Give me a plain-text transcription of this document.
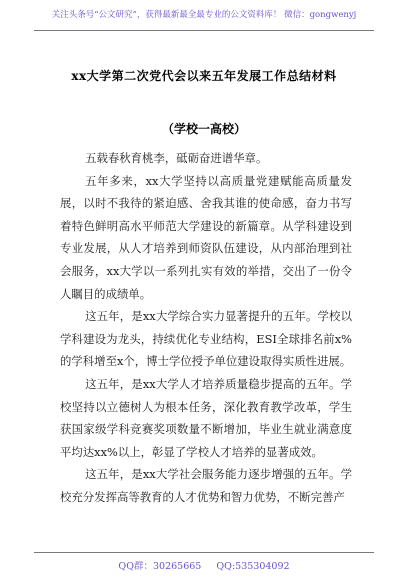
关注头条号“公文研究”，获得最新最全最专业的公文资料库！ 微信：gongwenyj
xx大学第二次党代会以来五年发展工作总结材料
（学校一高校）

五载春秋育桃李，砥砺奋进谱华章。

五年多来，xx大学坚持以高质量党建赋能高质量发展，以时不我待的紧迫感、舍我其谁的使命感，奋力书写着特色鲜明高水平师范大学建设的新篇章。从学科建设到专业发展，从人才培养到师资队伍建设，从内部治理到社会服务，xx大学以一系列扎实有效的举措，交出了一份令人瞩目的成绩单。

这五年，是xx大学综合实力显著提升的五年。学校以学科建设为龙头，持续优化专业结构，ESI全球排名前x%的学科增至x个，博士学位授予单位建设取得实质性进展。

这五年，是xx大学人才培养质量稳步提高的五年。学校坚持以立德树人为根本任务，深化教育教学改革，学生获国家级学科竞赛奖项数量不断增加，毕业生就业满意度平均达xx%以上，彰显了学校人才培养的显著成效。

这五年，是xx大学社会服务能力逐步增强的五年。学校充分发挥高等教育的人才优势和智力优势，不断完善产

QQ群：30265665 QQ:535304092
